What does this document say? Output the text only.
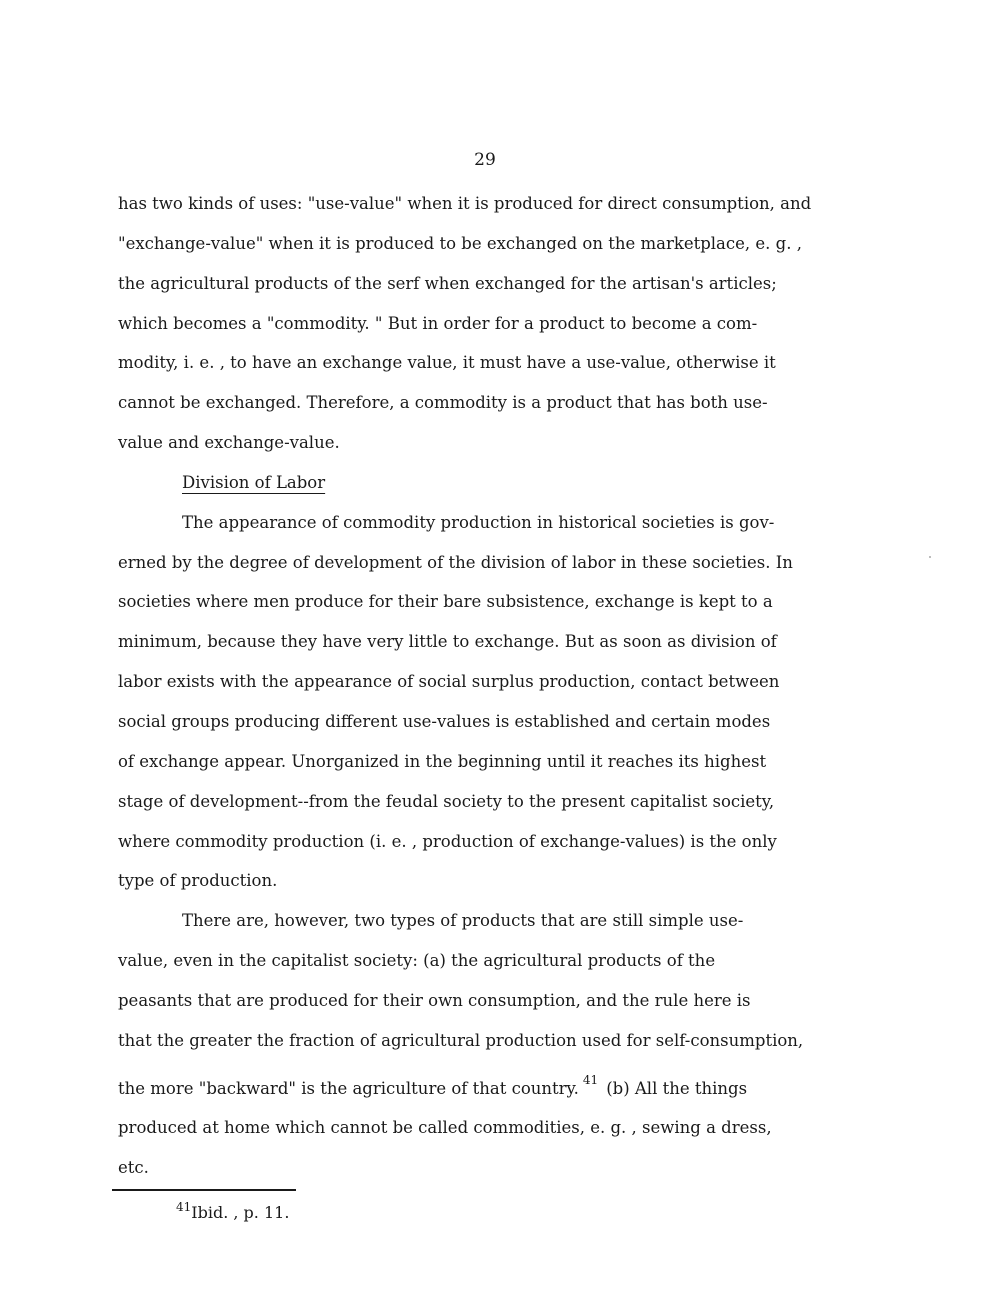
29
has two kinds of uses: "use-value" when it is produced for direct consumption, and
"exchange-value" when it is produced to be exchanged on the marketplace, e. g. ,
the agricultural products of the serf when exchanged for the artisan's articles;
which becomes a "commodity. " But in order for a product to become a com-
modity, i. e. , to have an exchange value, it must have a use-value, otherwise it
cannot be exchanged. Therefore, a commodity is a product that has both use-
value and exchange-value.
Division of Labor
The appearance of commodity production in historical societies is gov-
erned by the degree of development of the division of labor in these societies. In
societies where men produce for their bare subsistence, exchange is kept to a
minimum, because they have very little to exchange. But as soon as division of
labor exists with the appearance of social surplus production, contact between
social groups producing different use-values is established and certain modes
of exchange appear. Unorganized in the beginning until it reaches its highest
stage of development--from the feudal society to the present capitalist society,
where commodity production (i. e. , production of exchange-values) is the only
type of production.
There are, however, two types of products that are still simple use-
value, even in the capitalist society: (a) the agricultural products of the
peasants that are produced for their own consumption, and the rule here is
that the greater the fraction of agricultural production used for self-consumption,
the more "backward" is the agriculture of that country. $^{41}$ (b) All the things
produced at home which cannot be called commodities, e. g. , sewing a dress,
etc.
$^{41}$Ibid. , p. 11.
